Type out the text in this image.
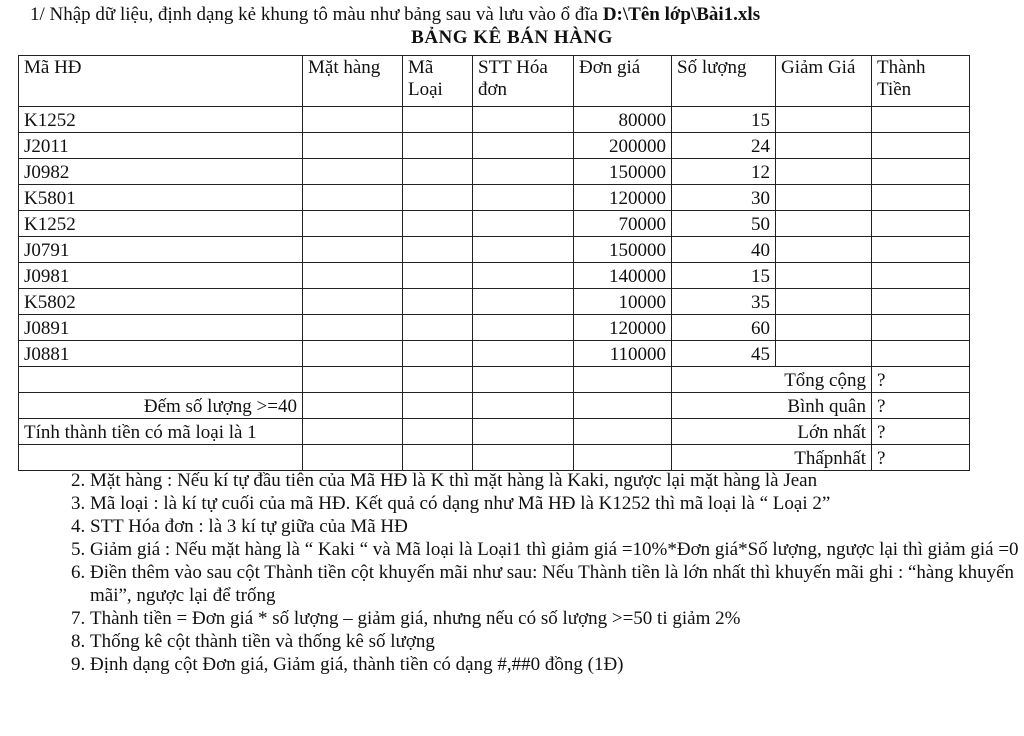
1/ Nhập dữ liệu, định dạng kẻ khung tô màu như bảng sau và lưu vào ổ đĩa D:\Tên lớp\Bài1.xls
BẢNG KÊ BÁN HÀNG
Mã HĐ	Mặt hàng	Mã Loại	STT Hóa đơn	Đơn giá	Số lượng	Giảm Giá	Thành Tiền
K1252				80000	15		
J2011				200000	24		
J0982				150000	12		
K5801				120000	30		
K1252				70000	50		
J0791				150000	40		
J0981				140000	15		
K5802				10000	35		
J0891				120000	60		
J0881				110000	45		
					Tổng cộng		?
Đếm số lượng >=40					Bình quân		?
Tính thành tiền có mã loại là 1					Lớn nhất		?
					Thấpnhất		?
2. Mặt hàng : Nếu kí tự đầu tiên của Mã HĐ là K thì mặt hàng là Kaki, ngược lại mặt hàng là Jean
3. Mã loại : là kí tự cuối của mã HĐ. Kết quả có dạng như Mã HĐ là K1252 thì mã loại là “ Loại 2”
4. STT Hóa đơn : là 3 kí tự giữa của Mã HĐ
5. Giảm giá : Nếu mặt hàng là “ Kaki “ và Mã loại là Loại1 thì giảm giá =10%*Đơn giá*Số lượng, ngược lại thì giảm giá =0
6. Điền thêm vào sau cột Thành tiền cột khuyến mãi như sau: Nếu Thành tiền là lớn nhất thì khuyến mãi ghi : “hàng khuyến mãi”, ngược lại để trống
7. Thành tiền = Đơn giá * số lượng – giảm giá, nhưng nếu có số lượng >=50 ti giảm 2%
8. Thống kê cột thành tiền và thống kê số lượng
9. Định dạng cột Đơn giá, Giảm giá, thành tiền có dạng #,##0 đồng (1Đ)
